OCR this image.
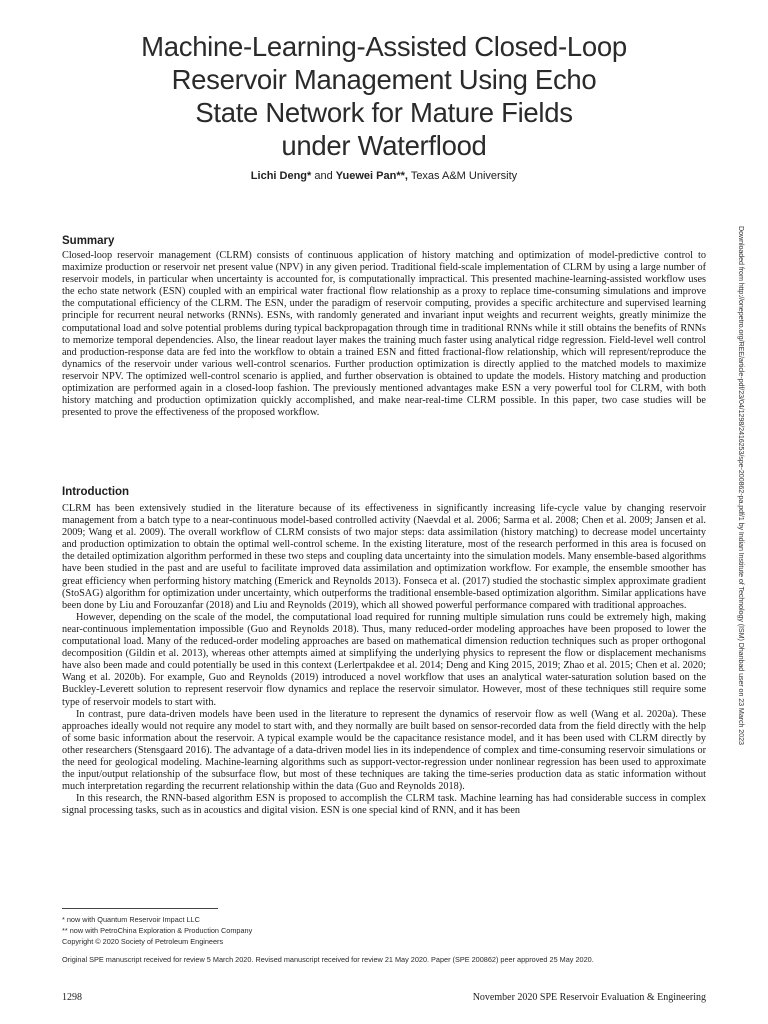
Machine-Learning-Assisted Closed-Loop
Reservoir Management Using Echo
State Network for Mature Fields
under Waterflood
Lichi Deng* and Yuewei Pan**, Texas A&M University
Downloaded from http://onepetro.org/REE/article-pdf/23/04/1298/2416253/spe-200862-pa.pdf/1 by Indian Institute of Technology (ISM) Dhanbad user on 23 March 2023
Summary

Closed-loop reservoir management (CLRM) consists of continuous application of history matching and optimization of model-predictive control to maximize production or reservoir net present value (NPV) in any given period. Traditional field-scale implementation of CLRM by using a large number of reservoir models, in particular when uncertainty is accounted for, is computationally impractical. This presented machine-learning-assisted workflow uses the echo state network (ESN) coupled with an empirical water fractional flow relationship as a proxy to replace time-consuming simulations and improve the computational efficiency of the CLRM. The ESN, under the paradigm of reservoir computing, provides a specific architecture and supervised learning principle for recurrent neural networks (RNNs). ESNs, with randomly generated and invariant input weights and recurrent weights, greatly minimize the computational load and solve potential problems during typical backpropagation through time in traditional RNNs while it still obtains the benefits of RNNs to memorize temporal dependencies. Also, the linear readout layer makes the training much faster using analytical ridge regression. Field-level well control and production-response data are fed into the workflow to obtain a trained ESN and fitted fractional-flow relationship, which will represent/reproduce the dynamics of the reservoir under various well-control scenarios. Further production optimization is directly applied to the matched models to maximize reservoir NPV. The optimized well-control scenario is applied, and further observation is obtained to update the models. History matching and production optimization are performed again in a closed-loop fashion. The previously mentioned advantages make ESN a very powerful tool for CLRM, with both history matching and production optimization quickly accomplished, and make near-real-time CLRM possible. In this paper, two case studies will be presented to prove the effectiveness of the proposed workflow.

Introduction

CLRM has been extensively studied in the literature because of its effectiveness in significantly increasing life-cycle value by changing reservoir management from a batch type to a near-continuous model-based controlled activity (Naevdal et al. 2006; Sarma et al. 2008; Chen et al. 2009; Jansen et al. 2009; Wang et al. 2009). The overall workflow of CLRM consists of two major steps: data assimilation (history matching) to decrease model uncertainty and production optimization to obtain the optimal well-control scheme. In the existing literature, most of the research performed in this area is focused on the detailed optimization algorithm performed in these two steps and coupling data uncertainty into the simulation models. Many ensemble-based algorithms have been studied in the past and are useful to facilitate improved data assimilation and optimization workflow. For example, the ensemble smoother has great efficiency when performing history matching (Emerick and Reynolds 2013). Fonseca et al. (2017) studied the stochastic simplex approximate gradient (StoSAG) algorithm for optimization under uncertainty, which outperforms the traditional ensemble-based optimization algorithm. Similar applications have been done by Liu and Forouzanfar (2018) and Liu and Reynolds (2019), which all showed powerful performance compared with traditional approaches.

However, depending on the scale of the model, the computational load required for running multiple simulation runs could be extremely high, making near-continuous implementation impossible (Guo and Reynolds 2018). Thus, many reduced-order modeling approaches have been proposed to lower the computational load. Many of the reduced-order modeling approaches are based on mathematical dimension reduction techniques such as proper orthogonal decomposition (Gildin et al. 2013), whereas other attempts aimed at simplifying the underlying physics to represent the flow or displacement mechanisms have also been made and could potentially be used in this context (Lerlertpakdee et al. 2014; Deng and King 2015, 2019; Zhao et al. 2015; Chen et al. 2020; Wang et al. 2020b). For example, Guo and Reynolds (2019) introduced a novel workflow that uses an analytical water-saturation solution based on the Buckley-Leverett solution to represent reservoir flow dynamics and replace the reservoir simulator. However, most of these techniques still require some type of reservoir models to start with.

In contrast, pure data-driven models have been used in the literature to represent the dynamics of reservoir flow as well (Wang et al. 2020a). These approaches ideally would not require any model to start with, and they normally are built based on sensor-recorded data from the field directly with the help of some basic information about the reservoir. A typical example would be the capacitance resistance model, and it has been used with CLRM directly by other researchers (Stensgaard 2016). The advantage of a data-driven model lies in its independence of complex and time-consuming reservoir simulations or the need for geological modeling. Machine-learning algorithms such as support-vector-regression under nonlinear regression has been used to approximate the input/output relationship of the subsurface flow, but most of these techniques are taking the time-series production data as static information without much interpretation regarding the recurrent relationship within the data (Guo and Reynolds 2018).

In this research, the RNN-based algorithm ESN is proposed to accomplish the CLRM task. Machine learning has had considerable success in complex signal processing tasks, such as in acoustics and digital vision. ESN is one special kind of RNN, and it has been

* now with Quantum Reservoir Impact LLC
** now with PetroChina Exploration & Production Company
Copyright © 2020 Society of Petroleum Engineers
Original SPE manuscript received for review 5 March 2020. Revised manuscript received for review 21 May 2020. Paper (SPE 200862) peer approved 25 May 2020.
1298	November 2020 SPE Reservoir Evaluation & Engineering
